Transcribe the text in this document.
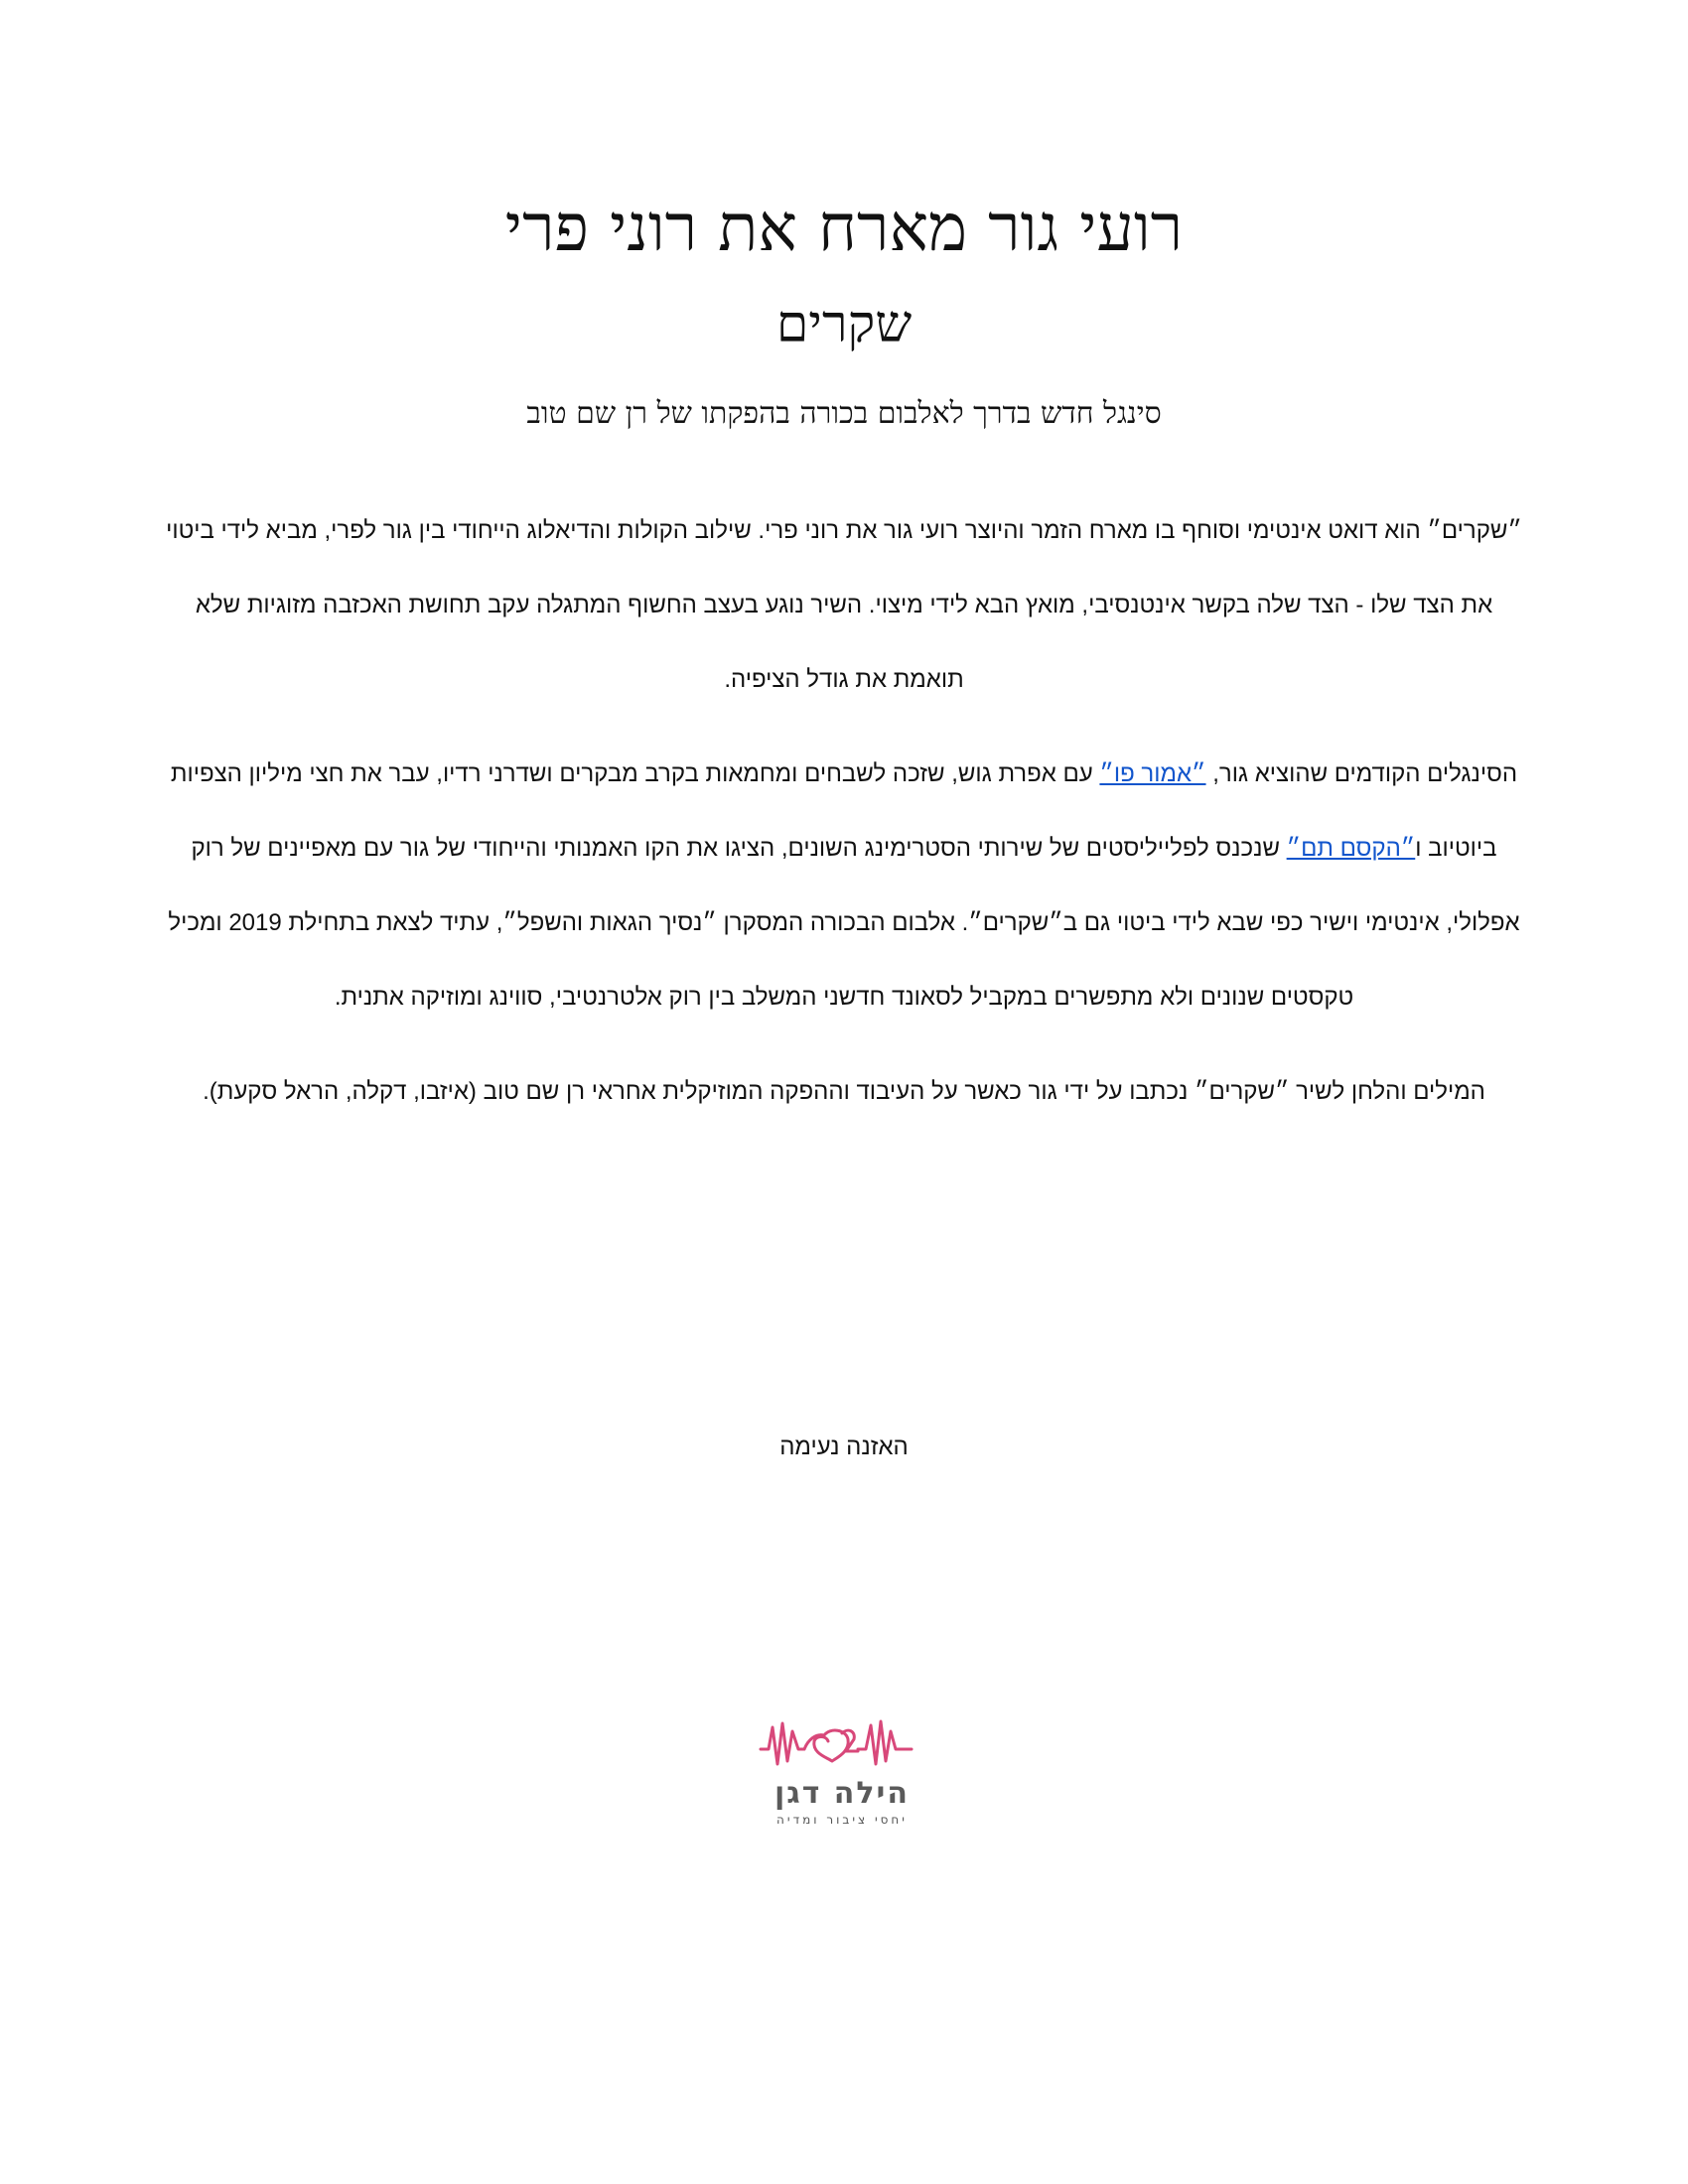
רועי גור מארח את רוני פרי
שקרים
סינגל חדש בדרך לאלבום בכורה בהפקתו של רן שם טוב

״שקרים״ הוא דואט אינטימי וסוחף בו מארח הזמר והיוצר רועי גור את רוני פרי. שילוב הקולות והדיאלוג הייחודי בין גור לפרי, מביא לידי ביטוי את הצד שלו - הצד שלה בקשר אינטנסיבי, מואץ הבא לידי מיצוי. השיר נוגע בעצב החשוף המתגלה עקב תחושת האכזבה מזוגיות שלא תואמת את גודל הציפיה.

הסינגלים הקודמים שהוציא גור, ״אמור פו״ עם אפרת גוש, שזכה לשבחים ומחמאות בקרב מבקרים ושדרני רדיו, עבר את חצי מיליון הצפיות ביוטיוב ו״הקסם תם״ שנכנס לפלייליסטים של שירותי הסטרימינג השונים, הציגו את הקו האמנותי והייחודי של גור עם מאפיינים של רוק אפלולי, אינטימי וישיר כפי שבא לידי ביטוי גם ב״שקרים״. אלבום הבכורה המסקרן ״נסיך הגאות והשפל״, עתיד לצאת בתחילת 2019 ומכיל טקסטים שנונים ולא מתפשרים במקביל לסאונד חדשני המשלב בין רוק אלטרנטיבי, סווינג ומוזיקה אתנית.

המילים והלחן לשיר ״שקרים״ נכתבו על ידי גור כאשר על העיבוד וההפקה המוזיקלית אחראי רן שם טוב (איזבו, דקלה, הראל סקעת).

האזנה נעימה
הילה דגן
יחסי ציבור ומדיה
